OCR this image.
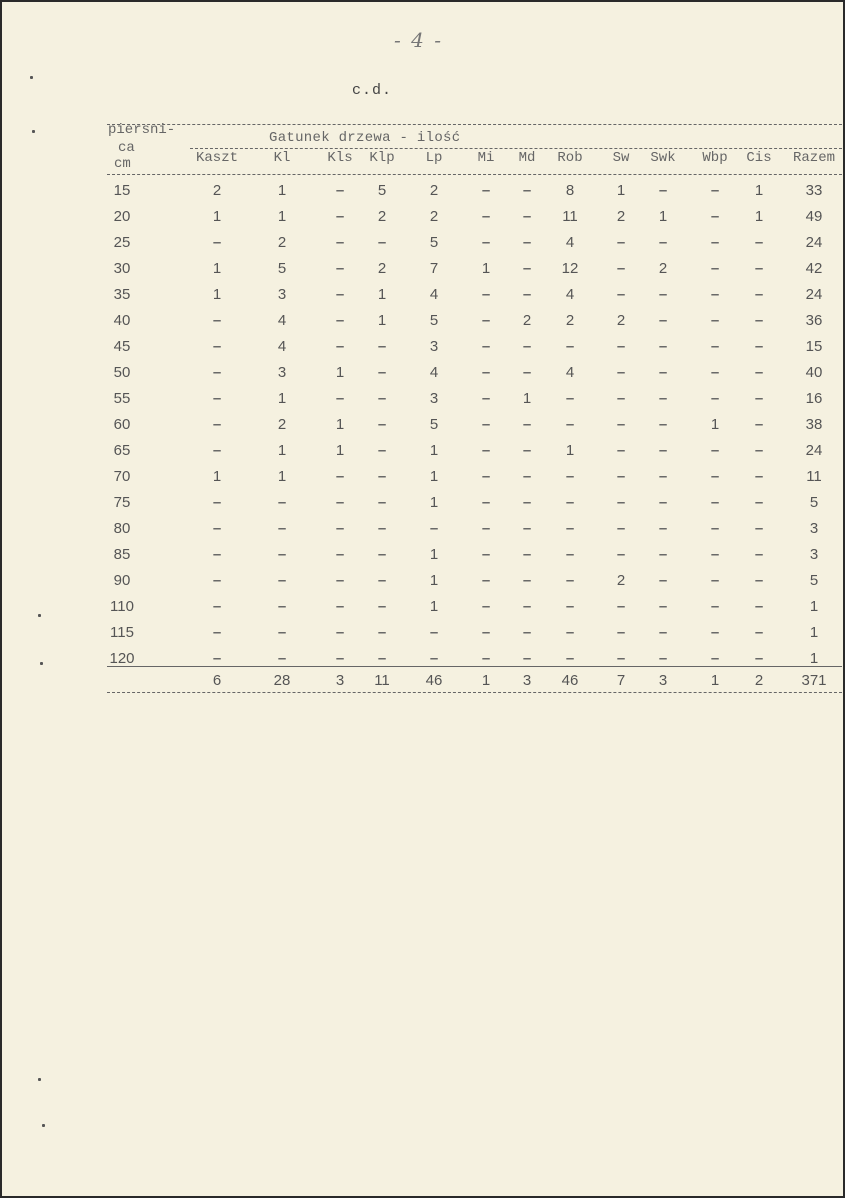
- 4 -
c.d.
piersni-
ca
cm
Gatunek drzewa - ilość
Kaszt	Kl	Kls	Klp	Lp	Mi	Md	Rob	Sw	Swk	Wbp	Cis	Razem
15	2	1	–	5	2	–	–	8	1	–	–	1	33
20	1	1	–	2	2	–	–	11	2	1	–	1	49
25	–	2	–	–	5	–	–	4	–	–	–	–	24
30	1	5	–	2	7	1	–	12	–	2	–	–	42
35	1	3	–	1	4	–	–	4	–	–	–	–	24
40	–	4	–	1	5	–	2	2	2	–	–	–	36
45	–	4	–	–	3	–	–	–	–	–	–	–	15
50	–	3	1	–	4	–	–	4	–	–	–	–	40
55	–	1	–	–	3	–	1	–	–	–	–	–	16
60	–	2	1	–	5	–	–	–	–	–	1	–	38
65	–	1	1	–	1	–	–	1	–	–	–	–	24
70	1	1	–	–	1	–	–	–	–	–	–	–	11
75	–	–	–	–	1	–	–	–	–	–	–	–	5
80	–	–	–	–	–	–	–	–	–	–	–	–	3
85	–	–	–	–	1	–	–	–	–	–	–	–	3
90	–	–	–	–	1	–	–	–	2	–	–	–	5
110	–	–	–	–	1	–	–	–	–	–	–	–	1
115	–	–	–	–	–	–	–	–	–	–	–	–	1
120	–	–	–	–	–	–	–	–	–	–	–	–	1
6	28	3	11	46	1	3	46	7	3	1	2	371
